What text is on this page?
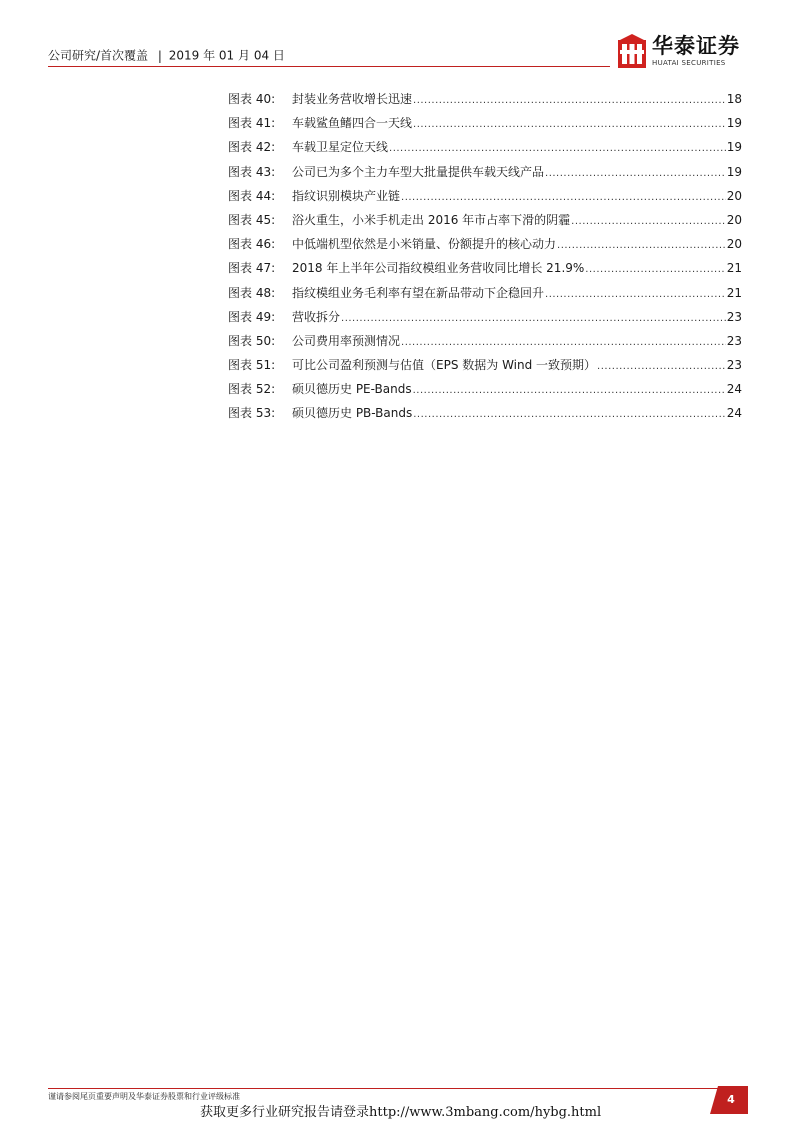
公司研究/首次覆盖 | 2019 年 01 月 04 日	华泰证券
HUATAI SECURITIES
图表 40:	封装业务营收增长迅速 .....	18
图表 41:	车载鲨鱼鳍四合一天线 .....	19
图表 42:	车载卫星定位天线 .....	19
图表 43:	公司已为多个主力车型大批量提供车载天线产品 .....	19
图表 44:	指纹识别模块产业链 .....	20
图表 45:	浴火重生，小米手机走出 2016 年市占率下滑的阴霾 .....	20
图表 46:	中低端机型依然是小米销量、份额提升的核心动力 .....	20
图表 47:	2018 年上半年公司指纹模组业务营收同比增长 21.9% .....	21
图表 48:	指纹模组业务毛利率有望在新品带动下企稳回升 .....	21
图表 49:	营收拆分 .....	23
图表 50:	公司费用率预测情况 .....	23
图表 51:	可比公司盈利预测与估值（EPS 数据为 Wind 一致预期） .....	23
图表 52:	硕贝德历史 PE-Bands .....	24
图表 53:	硕贝德历史 PB-Bands .....	24
谨请参阅尾页重要声明及华泰证券股票和行业评级标准	4
获取更多行业研究报告请登录http://www.3mbang.com/hybg.html
